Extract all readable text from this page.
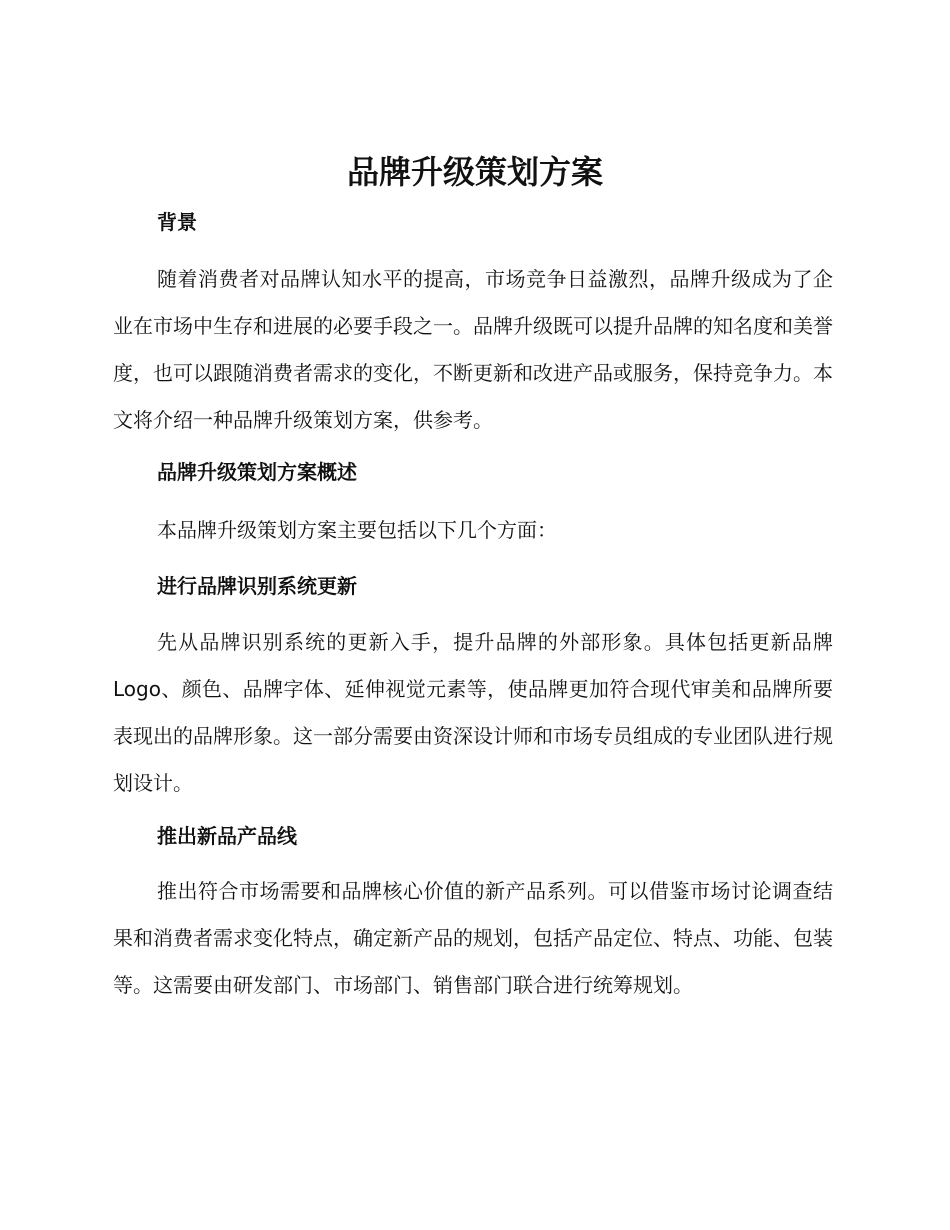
品牌升级策划方案
背景

随着消费者对品牌认知水平的提高，市场竞争日益激烈，品牌升级成为了企业在市场中生存和进展的必要手段之一。品牌升级既可以提升品牌的知名度和美誉度，也可以跟随消费者需求的变化，不断更新和改进产品或服务，保持竞争力。本文将介绍一种品牌升级策划方案，供参考。

品牌升级策划方案概述

本品牌升级策划方案主要包括以下几个方面：

进行品牌识别系统更新

先从品牌识别系统的更新入手，提升品牌的外部形象。具体包括更新品牌 Logo、颜色、品牌字体、延伸视觉元素等，使品牌更加符合现代审美和品牌所要表现出的品牌形象。这一部分需要由资深设计师和市场专员组成的专业团队进行规划设计。

推出新品产品线

推出符合市场需要和品牌核心价值的新产品系列。可以借鉴市场讨论调查结果和消费者需求变化特点，确定新产品的规划，包括产品定位、特点、功能、包装等。这需要由研发部门、市场部门、销售部门联合进行统筹规划。
